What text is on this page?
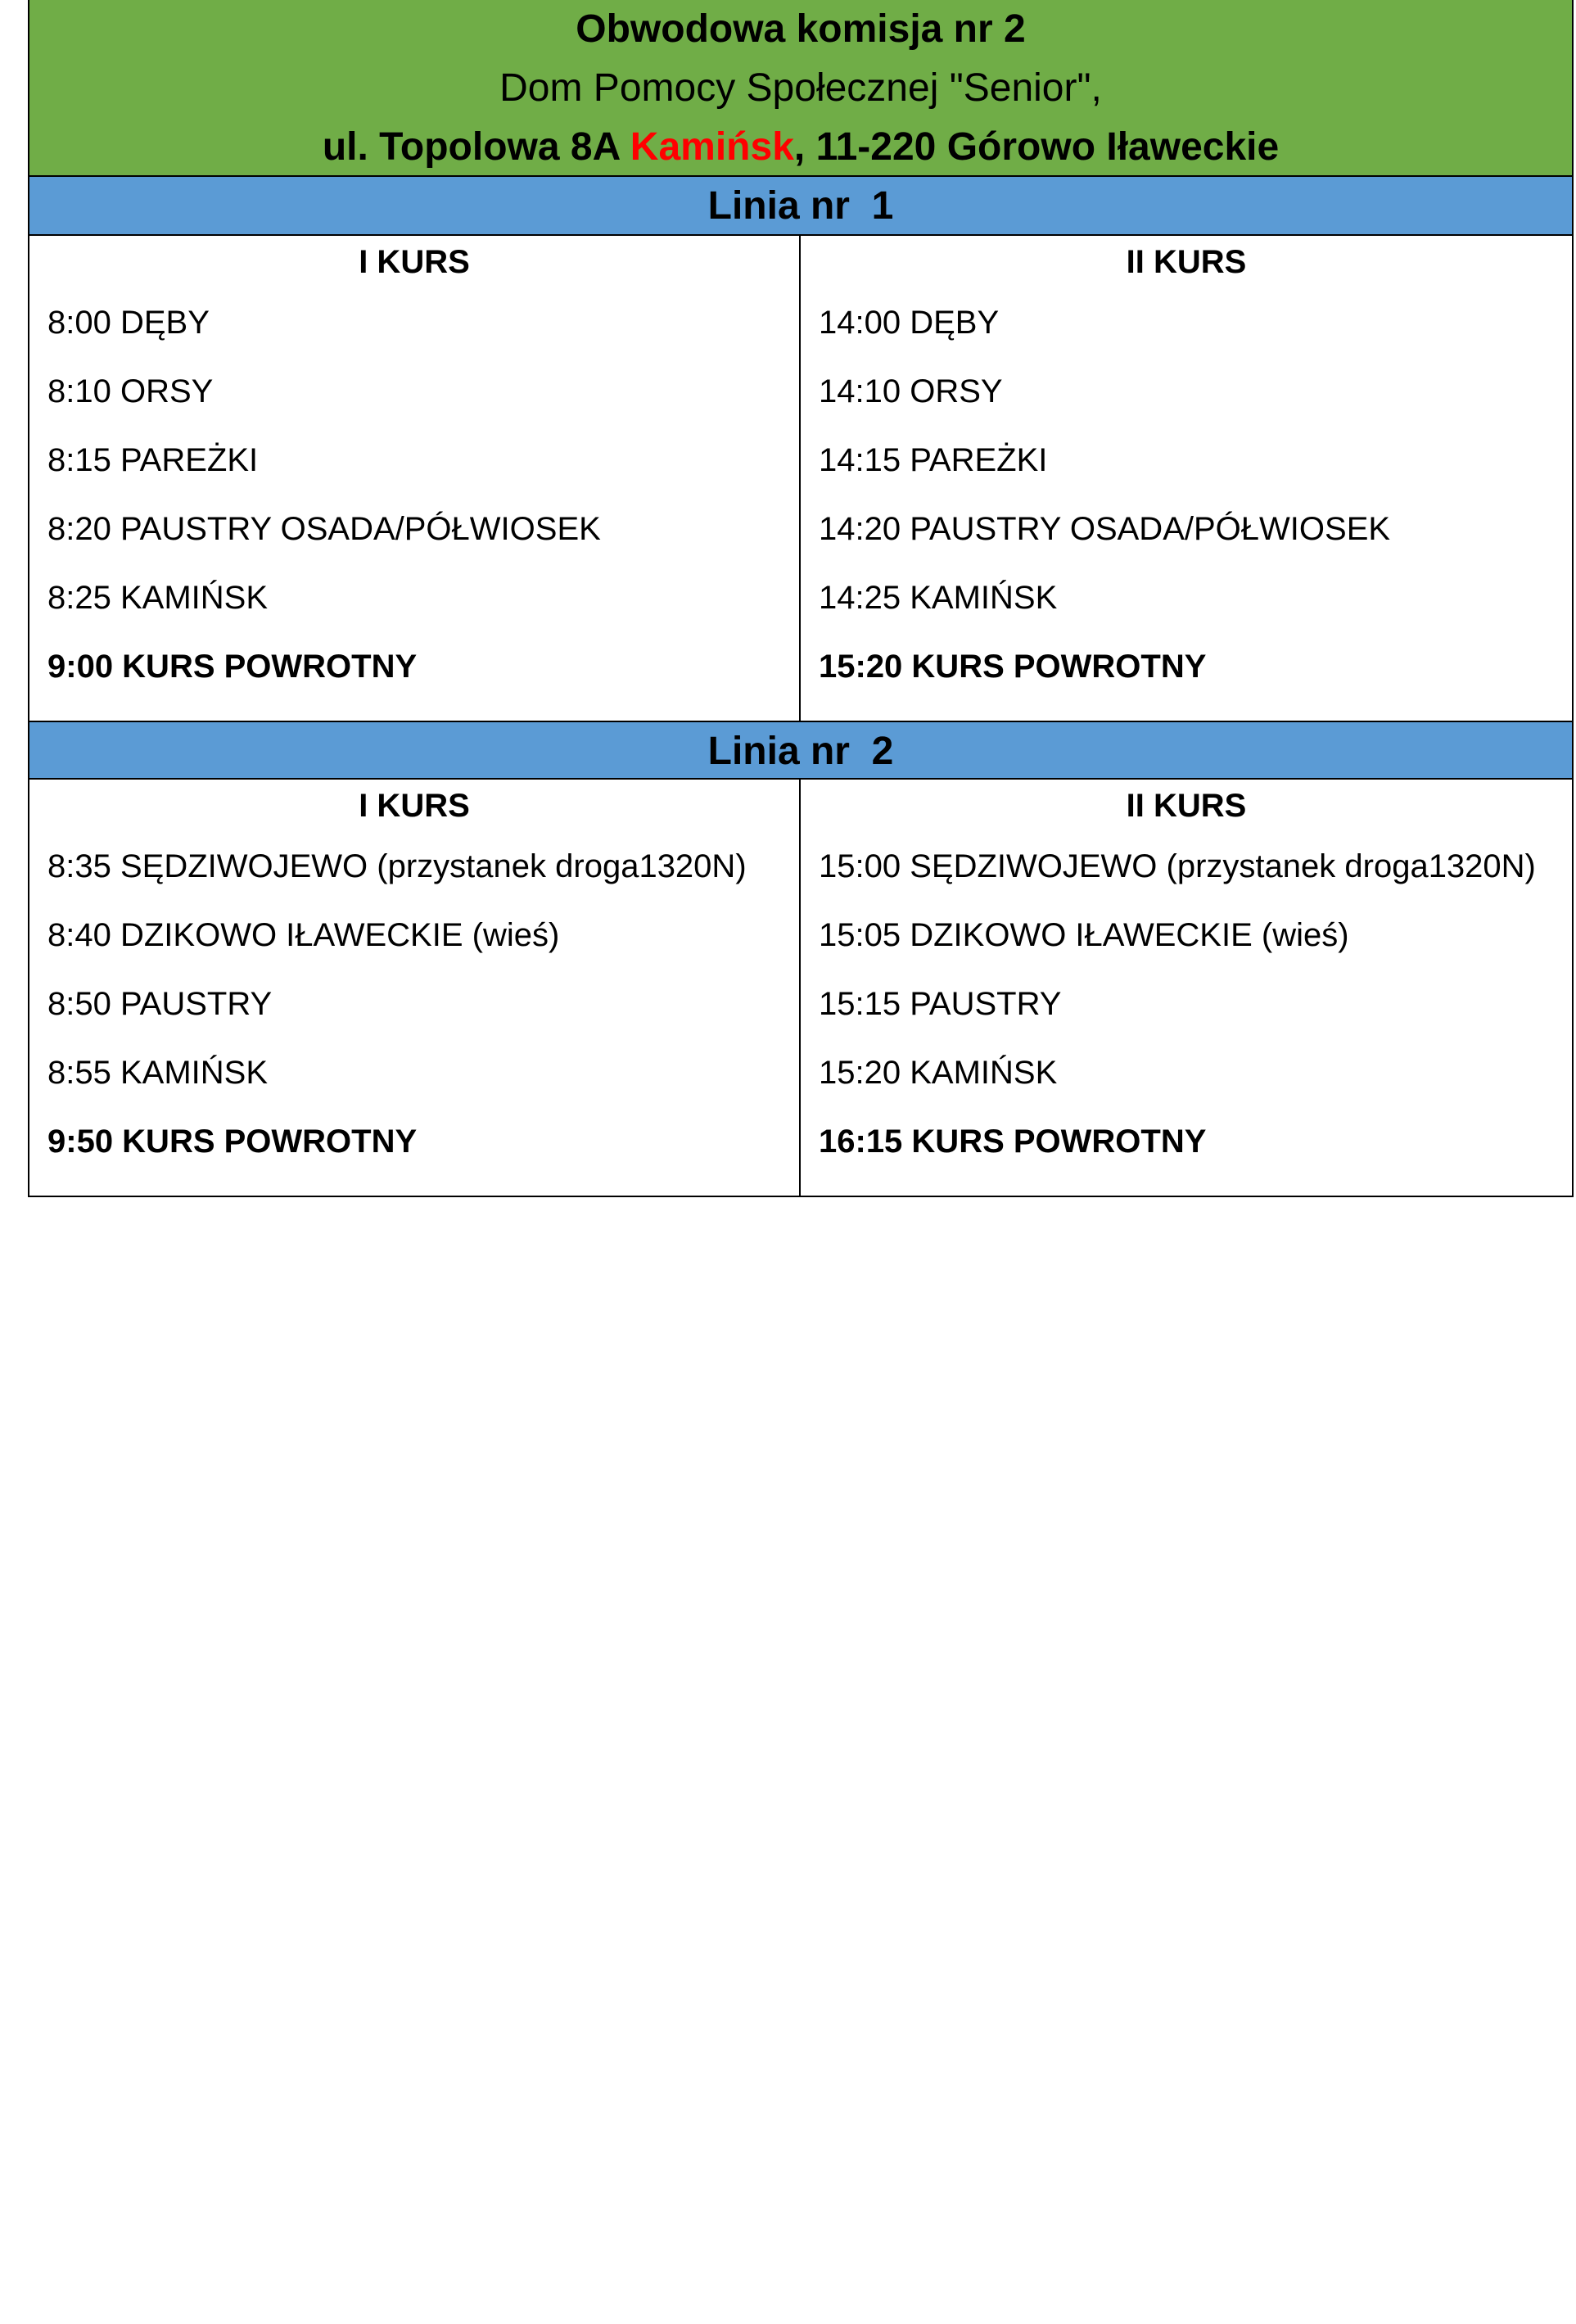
Obwodowa komisja nr 2
Dom Pomocy Społecznej "Senior",
ul. Topolowa 8A Kamińsk, 11-220 Górowo Iławeckie
Linia nr  1
I KURS
8:00 DĘBY
8:10 ORSY
8:15 PAREŻKI
8:20 PAUSTRY OSADA/PÓŁWIOSEK
8:25 KAMIŃSK
9:00 KURS POWROTNY
II KURS
14:00 DĘBY
14:10 ORSY
14:15 PAREŻKI
14:20 PAUSTRY OSADA/PÓŁWIOSEK
14:25 KAMIŃSK
15:20 KURS POWROTNY
Linia nr  2
I KURS
8:35 SĘDZIWOJEWO (przystanek droga1320N)
8:40 DZIKOWO IŁAWECKIE (wieś)
8:50 PAUSTRY
8:55 KAMIŃSK
9:50 KURS POWROTNY
II KURS
15:00 SĘDZIWOJEWO (przystanek droga1320N)
15:05 DZIKOWO IŁAWECKIE (wieś)
15:15 PAUSTRY
15:20 KAMIŃSK
16:15 KURS POWROTNY
